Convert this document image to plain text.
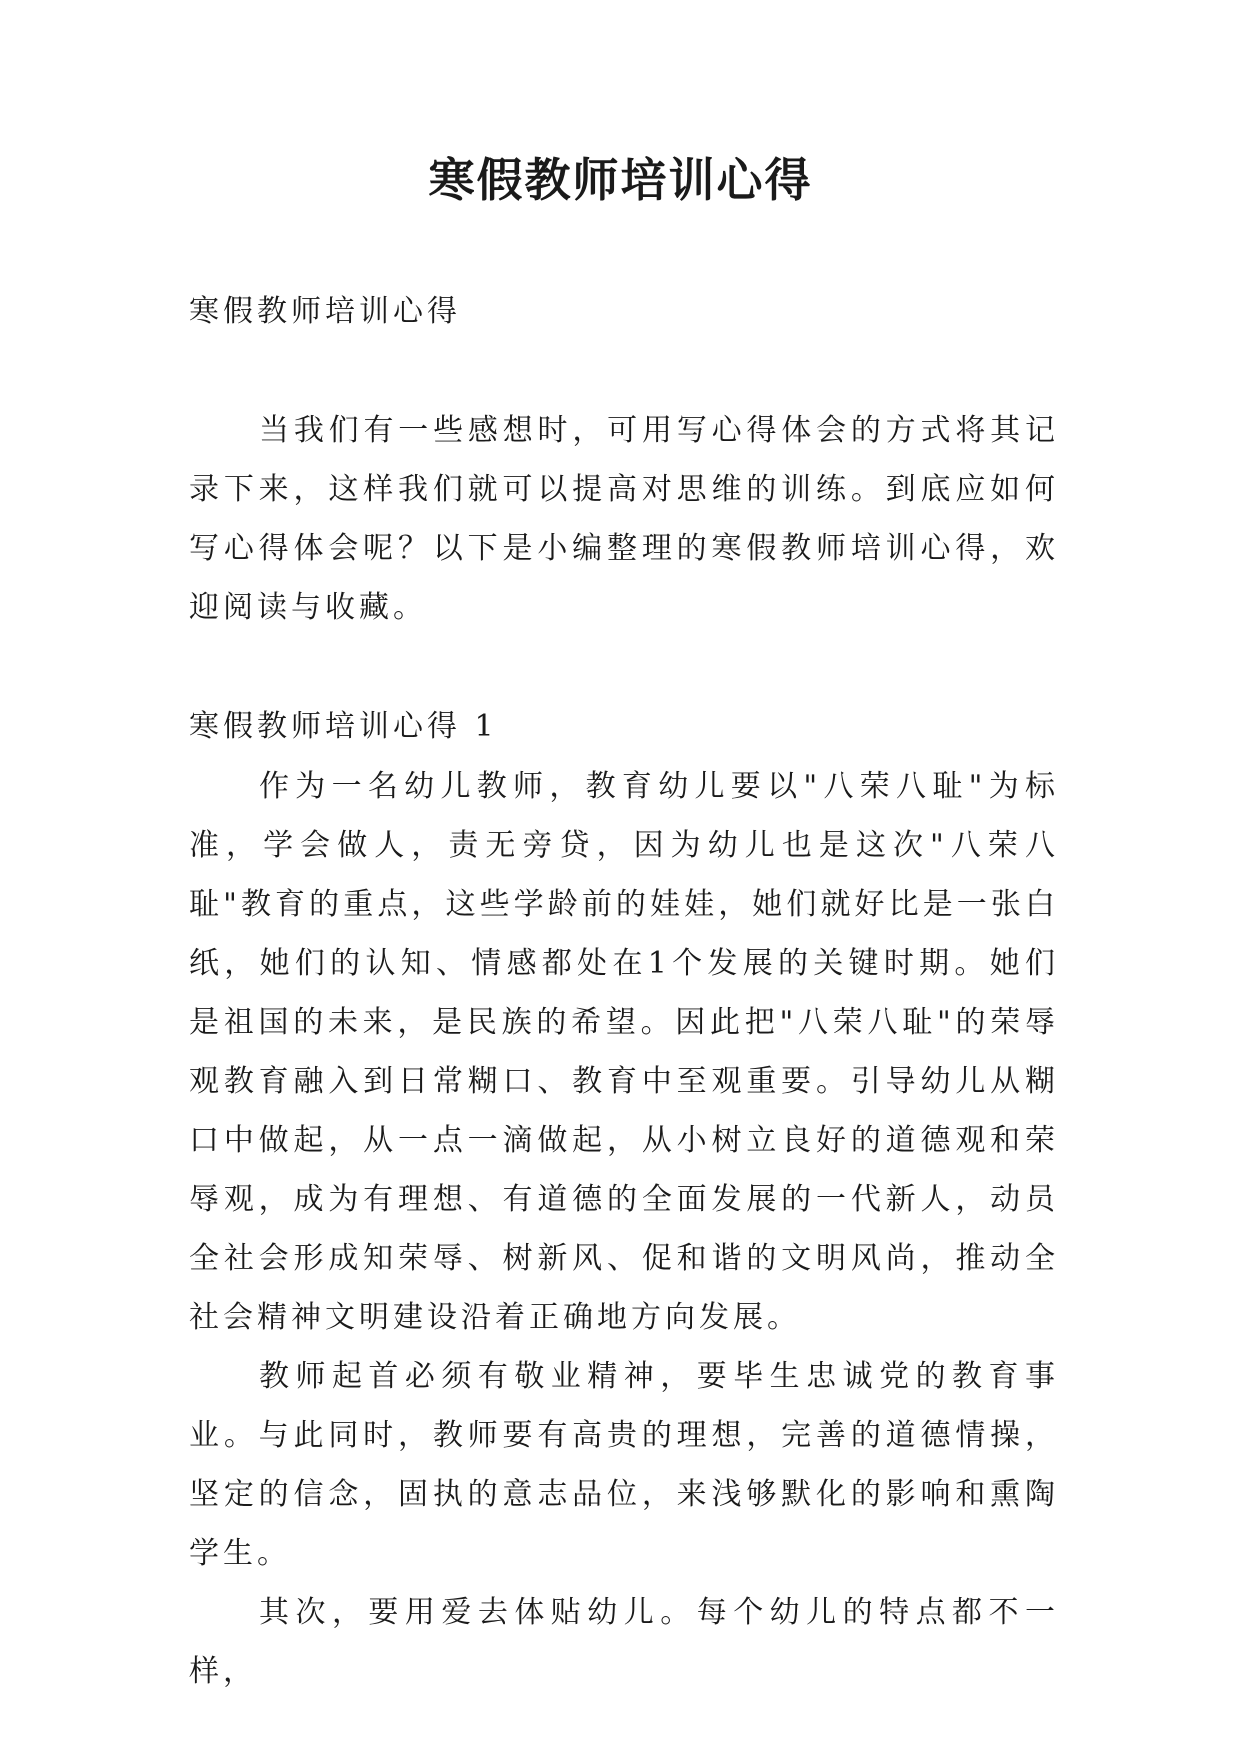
寒假教师培训心得

寒假教师培训心得

当我们有一些感想时，可用写心得体会的方式将其记录下来，这样我们就可以提高对思维的训练。到底应如何写心得体会呢？以下是小编整理的寒假教师培训心得，欢迎阅读与收藏。

寒假教师培训心得 1

作为一名幼儿教师，教育幼儿要以"八荣八耻"为标准，学会做人，责无旁贷，因为幼儿也是这次"八荣八耻"教育的重点，这些学龄前的娃娃，她们就好比是一张白纸，她们的认知、情感都处在1个发展的关键时期。她们是祖国的未来，是民族的希望。因此把"八荣八耻"的荣辱观教育融入到日常糊口、教育中至观重要。引导幼儿从糊口中做起，从一点一滴做起，从小树立良好的道德观和荣辱观，成为有理想、有道德的全面发展的一代新人，动员全社会形成知荣辱、树新风、促和谐的文明风尚，推动全社会精神文明建设沿着正确地方向发展。

教师起首必须有敬业精神，要毕生忠诚党的教育事业。与此同时，教师要有高贵的理想，完善的道德情操，坚定的信念，固执的意志品位，来浅够默化的影响和熏陶学生。

其次，要用爱去体贴幼儿。每个幼儿的特点都不一样，
